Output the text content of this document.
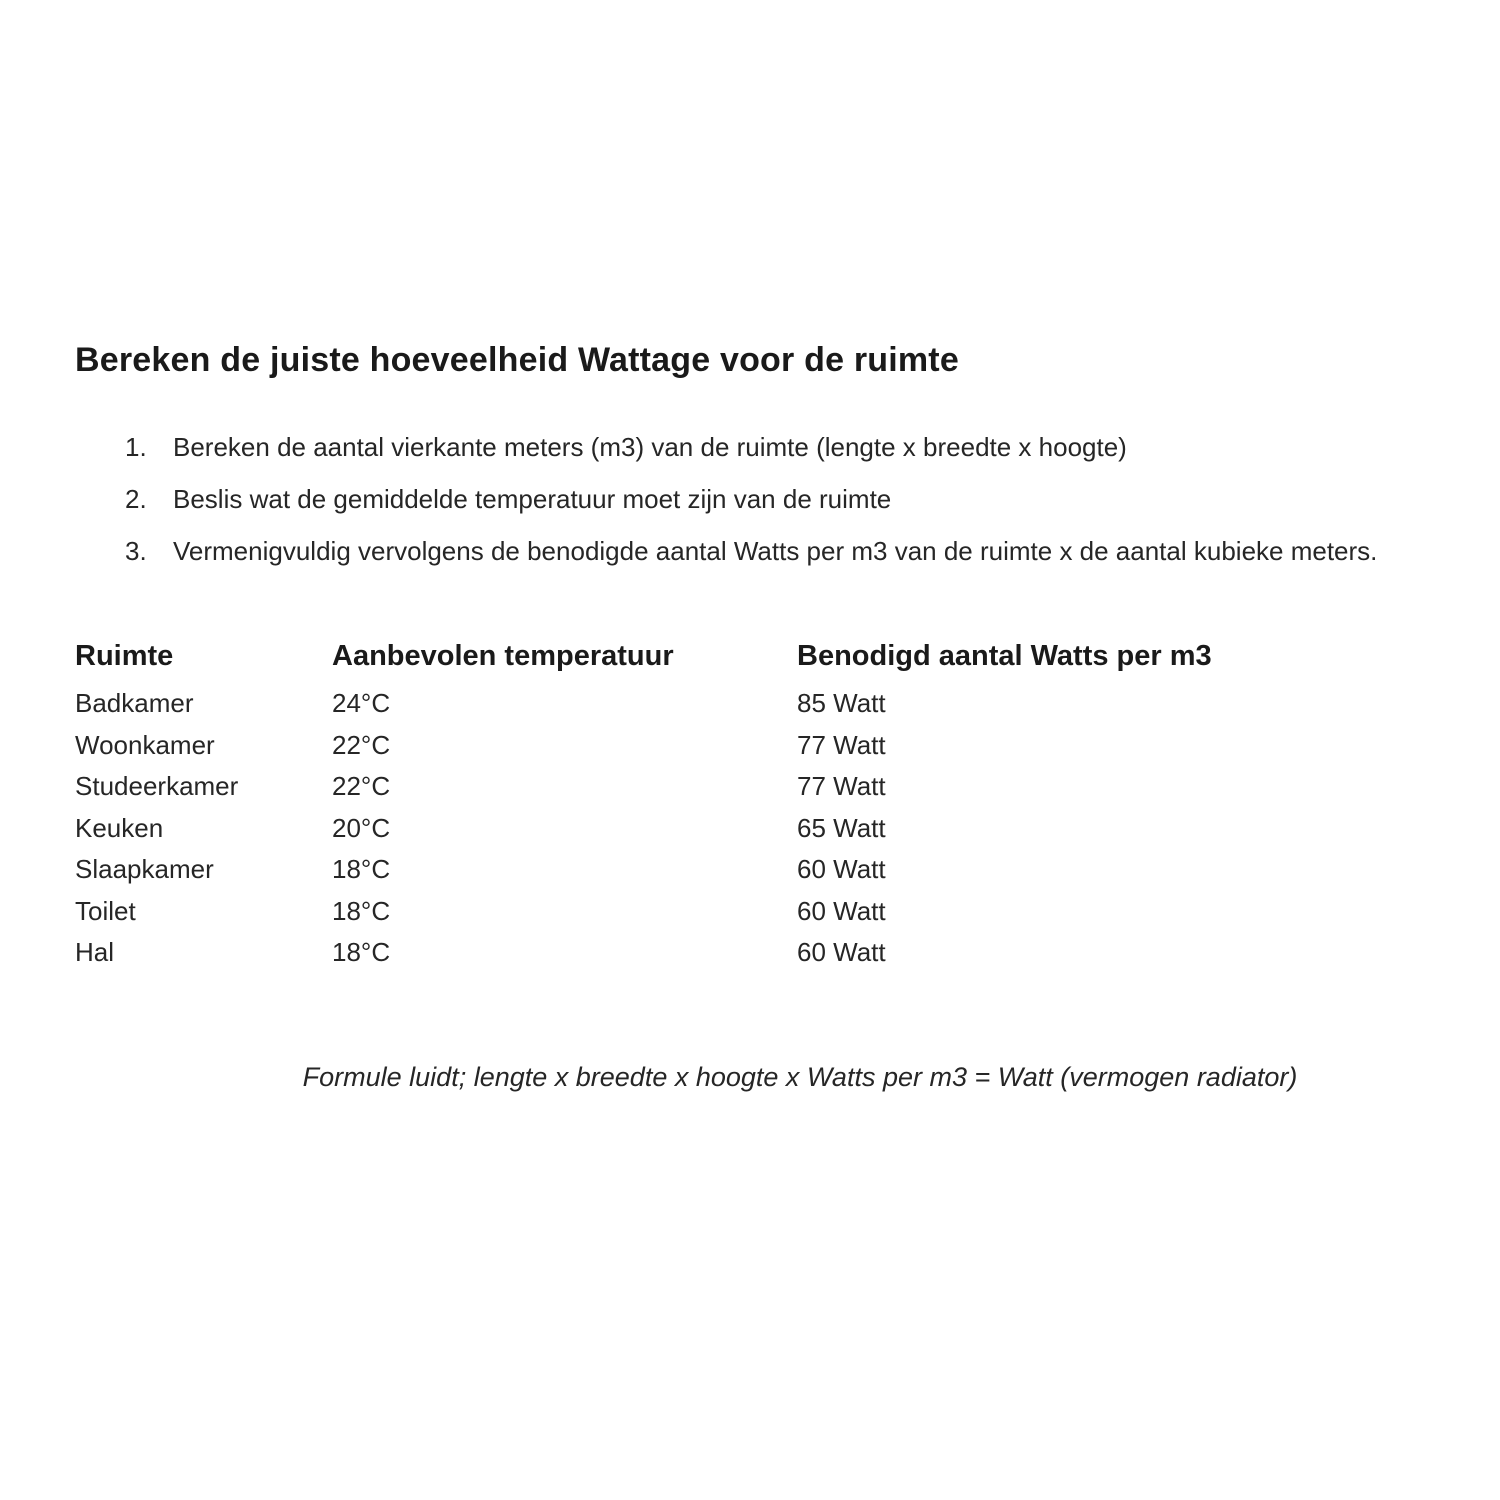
Bereken de juiste hoeveelheid Wattage voor de ruimte
1.	Bereken de aantal vierkante meters (m3) van de ruimte (lengte x breedte x hoogte)
2.	Beslis wat de gemiddelde temperatuur moet zijn van de ruimte
3.	Vermenigvuldig vervolgens de benodigde aantal Watts per m3 van de ruimte x de aantal kubieke meters.
Ruimte	Aanbevolen temperatuur	Benodigd aantal Watts per m3
Badkamer	24°C	85 Watt
Woonkamer	22°C	77 Watt
Studeerkamer	22°C	77 Watt
Keuken	20°C	65 Watt
Slaapkamer	18°C	60 Watt
Toilet	18°C	60 Watt
Hal	18°C	60 Watt

Formule luidt; lengte x breedte x hoogte x Watts per m3 = Watt (vermogen radiator)
